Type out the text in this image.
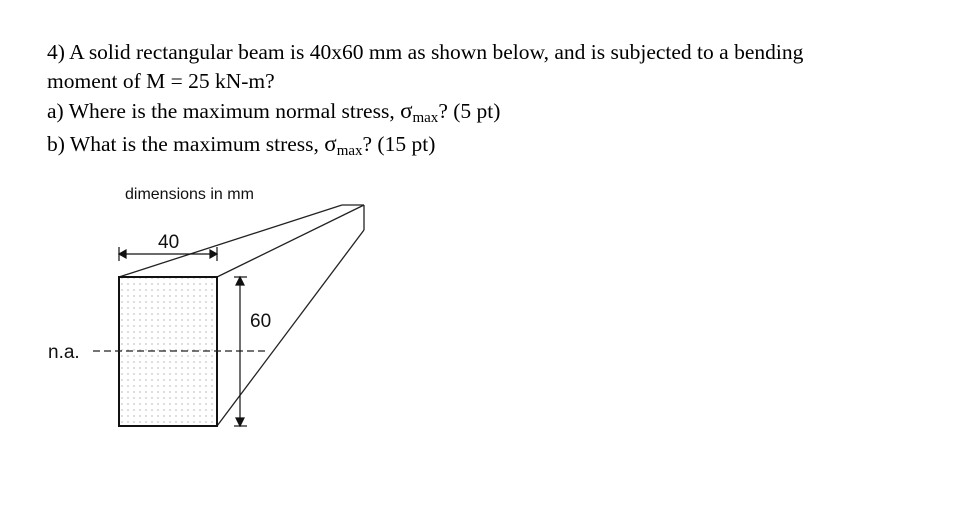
4) A solid rectangular beam is 40x60 mm as shown below, and is subjected to a bending

moment of M = 25 kN-m?

a) Where is the maximum normal stress, σmax? (5 pt)

b) What is the maximum stress, σmax? (15 pt)

dimensions in mm
40
60
n.a.
